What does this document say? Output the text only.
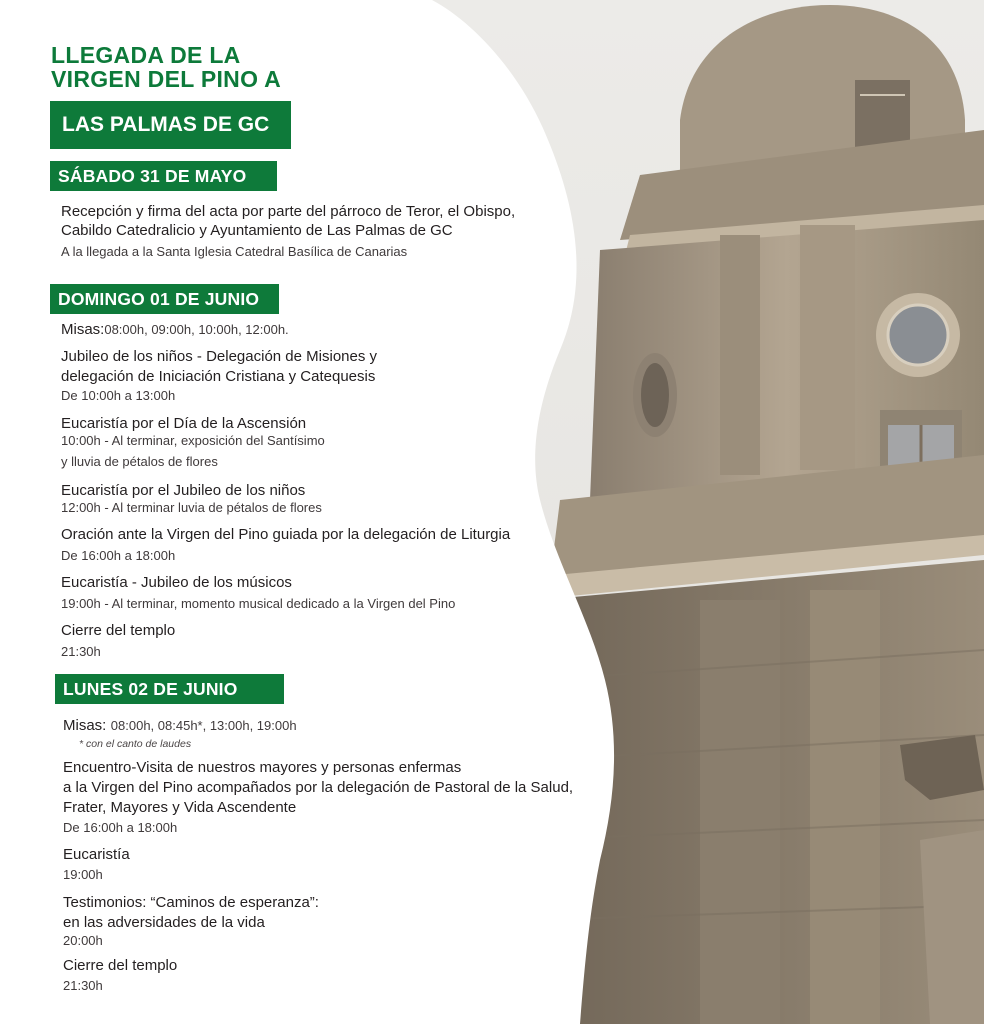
LLEGADA DE LA

VIRGEN DEL PINO A

LAS PALMAS DE GC
SÁBADO 31 DE MAYO

Recepción y firma del acta por parte del párroco de Teror, el Obispo,

Cabildo Catedralicio y Ayuntamiento de Las Palmas de GC

A la llegada a la Santa Iglesia Catedral Basílica de Canarias

DOMINGO 01 DE JUNIO

Misas:08:00h, 09:00h, 10:00h, 12:00h.

Jubileo de los niños - Delegación de Misiones y

delegación de Iniciación Cristiana y Catequesis

De 10:00h a 13:00h

Eucaristía por el Día de la Ascensión

10:00h - Al terminar, exposición del Santísimo

y lluvia de pétalos de flores

Eucaristía por el Jubileo de los niños

12:00h - Al terminar luvia de pétalos de flores

Oración ante la Virgen del Pino guiada por la delegación de Liturgia

De 16:00h a 18:00h

Eucaristía - Jubileo de los músicos

19:00h - Al terminar, momento musical dedicado a la Virgen del Pino

Cierre del templo

21:30h

LUNES 02 DE JUNIO

Misas: 08:00h, 08:45h*, 13:00h, 19:00h

* con el canto de laudes

Encuentro-Visita de nuestros mayores y personas enfermas

a la Virgen del Pino acompañados por la delegación de Pastoral de la Salud,

Frater, Mayores y Vida Ascendente

De 16:00h a 18:00h

Eucaristía

19:00h

Testimonios: “Caminos de esperanza”:

en las adversidades de la vida

20:00h

Cierre del templo

21:30h
